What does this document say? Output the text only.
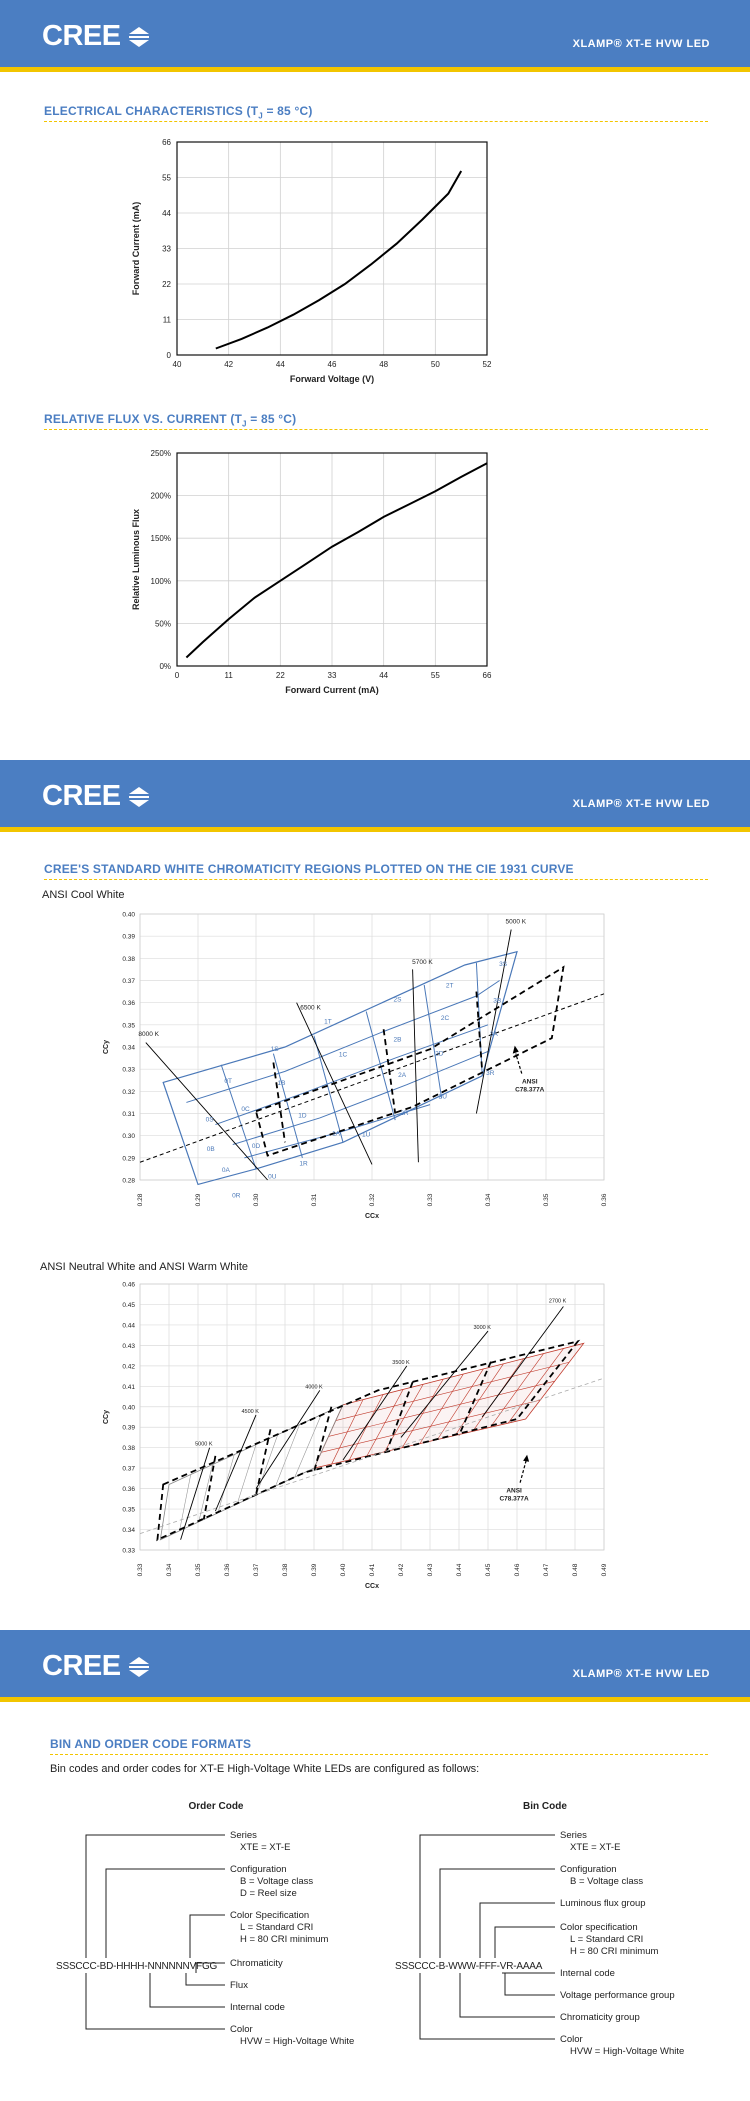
CREE	XLAMP® XT-E HVW LED
ELECTRICAL CHARACTERISTICS ($T_J = 85$ °C)
40	42	44	46	48	50	52
0
11
22
33
44
55
66
Forward Voltage (V)
Forward Current (mA)
RELATIVE FLUX VS. CURRENT ($T_J = 85$ °C)
0	11	22	33	44	55	66
0%
50%
100%
150%
200%
250%
Forward Current (mA)
Relative Luminous Flux
CREE	XLAMP® XT-E HVW LED
CREE'S STANDARD WHITE CHROMATICITY REGIONS PLOTTED ON THE CIE 1931 CURVE
ANSI Cool White
0.28	0.29	0.30	0.31	0.32	0.33	0.34	0.35	0.36
0.28
0.29
0.30
0.31
0.32
0.33
0.34
0.35
0.36
0.37
0.38
0.39
0.40
CCx
CCy
5000 K
5700 K
6500 K
8000 K
3S
2T
2S	3B
2C
3A
1T
2B
1S
1C
2A
2D
3R
0T	1B
0C
1D
2U
1A
2R
0S
0B	0D
1U
0A
1R
0U
0R
ANSI
C78.377A
ANSI Neutral White and ANSI Warm White
0.33	0.34	0.35	0.36	0.37	0.38	0.39	0.40	0.41	0.42	0.43	0.44	0.45	0.46	0.47	0.48	0.49
0.33
0.34
0.35
0.36
0.37
0.38
0.39
0.40
0.41
0.42
0.43
0.44
0.45
0.46
CCx
CCy
2700 K
3000 K
3500 K
4000 K
4500 K
5000 K
ANSI
C78.377A
CREE	XLAMP® XT-E HVW LED
BIN AND ORDER CODE FORMATS
Bin codes and order codes for XT-E High-Voltage White LEDs are configured as follows:
Order Code
SSSCCC-BD-HHHH-NNNNNNVFGG
Series
XTE = XT-E
Configuration
B = Voltage class
D = Reel size
Color Specification
L = Standard CRI
H = 80 CRI minimum
Chromaticity
Flux
Internal code
Color
HVW = High-Voltage White
Bin Code
SSSCCC-B-WWW-FFF-VR-AAAA
Series
XTE = XT-E
Configuration
B = Voltage class
Luminous flux group
Color specification
L = Standard CRI
H = 80 CRI minimum
Internal code
Voltage performance group
Chromaticity group
Color
HVW = High-Voltage White
